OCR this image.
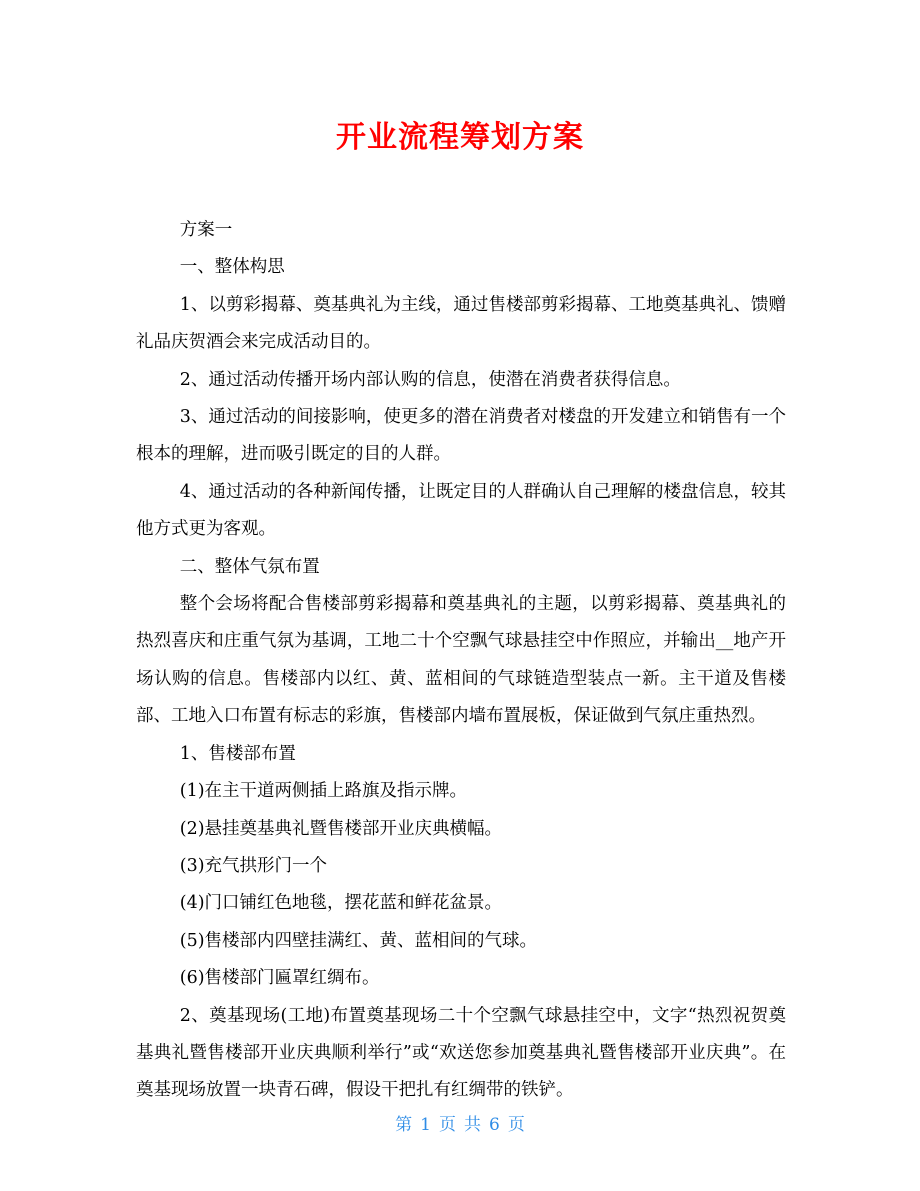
开业流程筹划方案

方案一

一、整体构思

1、以剪彩揭幕、奠基典礼为主线，通过售楼部剪彩揭幕、工地奠基典礼、馈赠礼品庆贺酒会来完成活动目的。

2、通过活动传播开场内部认购的信息，使潜在消费者获得信息。

3、通过活动的间接影响，使更多的潜在消费者对楼盘的开发建立和销售有一个根本的理解，进而吸引既定的目的人群。

4、通过活动的各种新闻传播，让既定目的人群确认自己理解的楼盘信息，较其他方式更为客观。

二、整体气氛布置

整个会场将配合售楼部剪彩揭幕和奠基典礼的主题，以剪彩揭幕、奠基典礼的热烈喜庆和庄重气氛为基调，工地二十个空飘气球悬挂空中作照应，并输出__地产开场认购的信息。售楼部内以红、黄、蓝相间的气球链造型装点一新。主干道及售楼部、工地入口布置有标志的彩旗，售楼部内墙布置展板，保证做到气氛庄重热烈。

1、售楼部布置

(1)在主干道两侧插上路旗及指示牌。

(2)悬挂奠基典礼暨售楼部开业庆典横幅。

(3)充气拱形门一个

(4)门口铺红色地毯，摆花蓝和鲜花盆景。

(5)售楼部内四壁挂满红、黄、蓝相间的气球。

(6)售楼部门匾罩红绸布。

2、奠基现场(工地)布置奠基现场二十个空飘气球悬挂空中，文字“热烈祝贺奠基典礼暨售楼部开业庆典顺利举行”或“欢送您参加奠基典礼暨售楼部开业庆典”。在奠基现场放置一块青石碑，假设干把扎有红绸带的铁铲。

第 1 页 共 6 页
